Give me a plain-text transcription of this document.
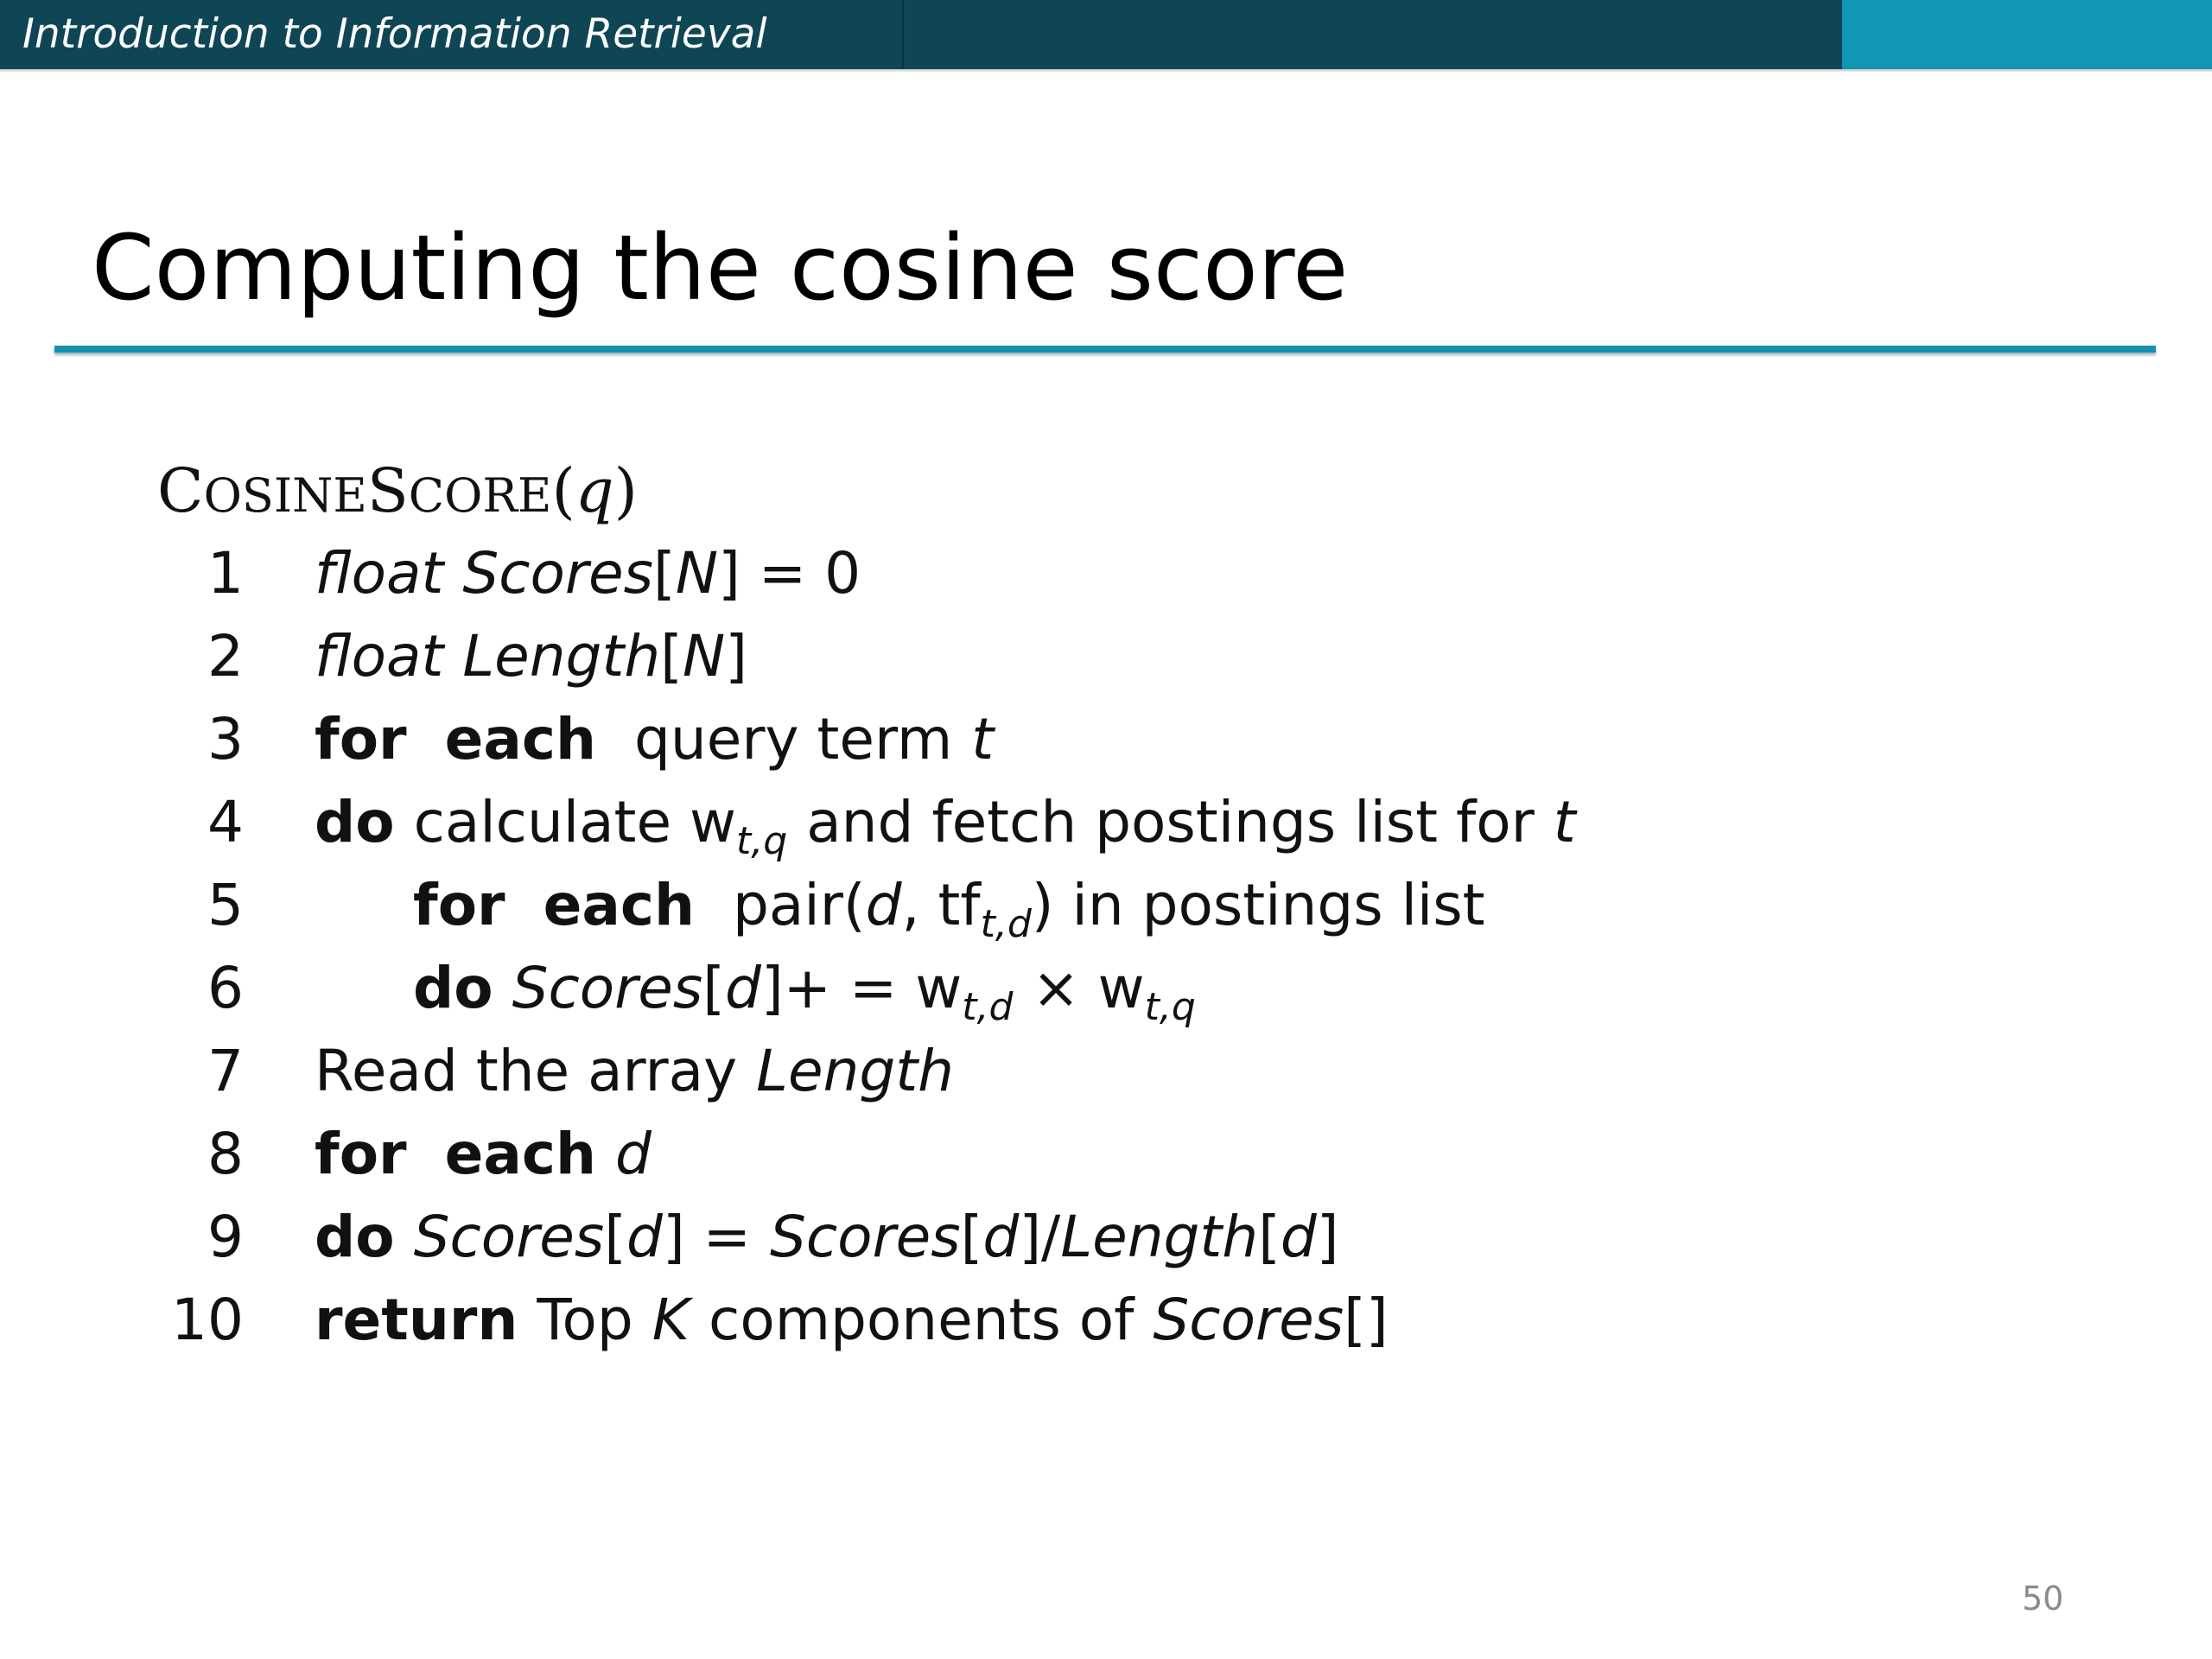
Introduction to Information Retrieval
Computing the cosine score
COSINESCORE(q)
1 float Scores[N] = 0
2 float Length[N]
3 for each query term t
4 do calculate $w_{t,q}$ and fetch postings list for t
5	for each pair(d, $tf_{t,d}$) in postings list
6	do Scores[d]+ = $w_{t,d} \times w_{t,q}$
7 Read the array Length
8 for each d
9 do Scores[d] = Scores[d]/Length[d]
10 return Top K components of Scores[]
50
